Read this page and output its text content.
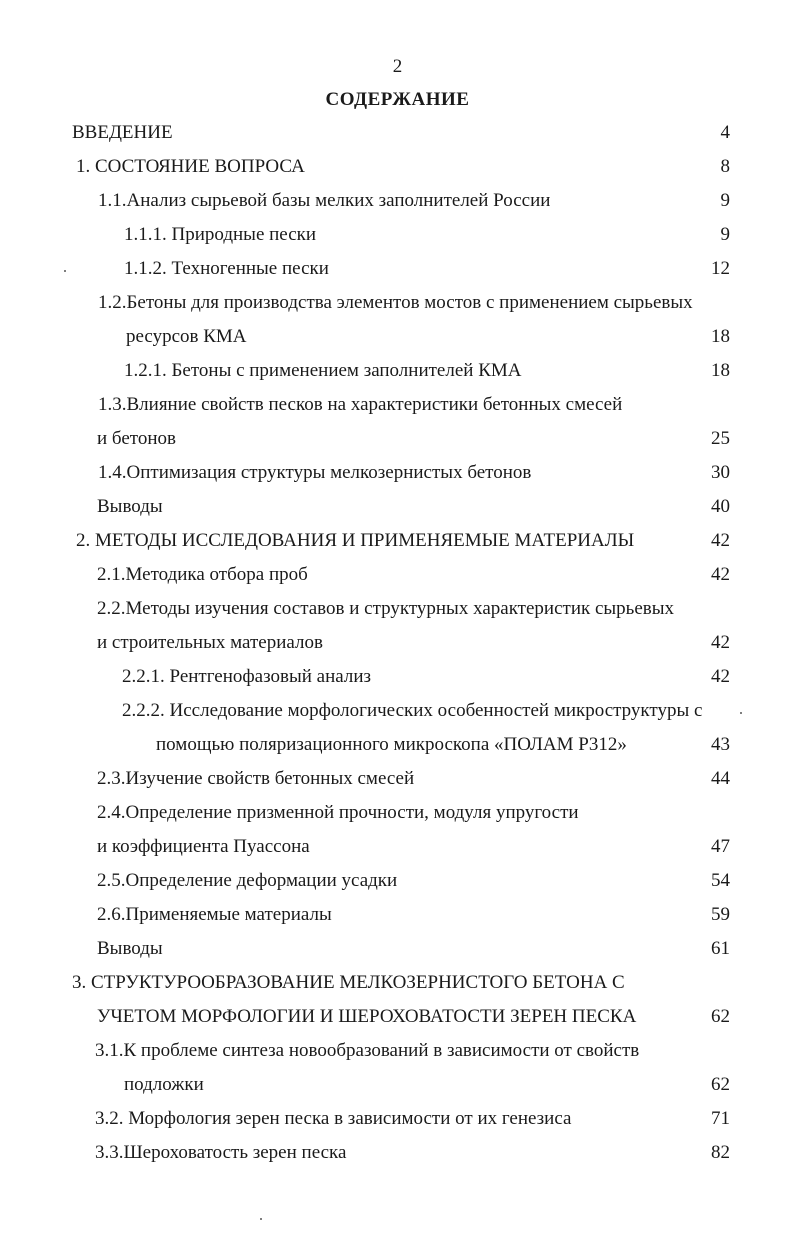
2
СОДЕРЖАНИЕ
ВВЕДЕНИЕ	4
1. СОСТОЯНИЕ ВОПРОСА	8
1.1.Анализ сырьевой базы мелких заполнителей России	9
1.1.1. Природные пески	9
1.1.2. Техногенные пески	12
1.2.Бетоны для производства элементов мостов с применением сырьевых
ресурсов КМА	18
1.2.1. Бетоны с применением заполнителей КМА	18
1.3.Влияние свойств песков на характеристики бетонных смесей
и бетонов	25
1.4.Оптимизация структуры мелкозернистых бетонов	30
Выводы	40
2. МЕТОДЫ ИССЛЕДОВАНИЯ И ПРИМЕНЯЕМЫЕ МАТЕРИАЛЫ	42
2.1.Методика отбора проб	42
2.2.Методы изучения составов и структурных характеристик сырьевых
и строительных материалов	42
2.2.1. Рентгенофазовый анализ	42
2.2.2. Исследование морфологических особенностей микроструктуры с
помощью поляризационного микроскопа «ПОЛАМ Р312»	43
2.3.Изучение свойств бетонных смесей	44
2.4.Определение призменной прочности, модуля упругости
и коэффициента Пуассона	47
2.5.Определение деформации усадки	54
2.6.Применяемые материалы	59
Выводы	61
3. СТРУКТУРООБРАЗОВАНИЕ МЕЛКОЗЕРНИСТОГО БЕТОНА С
УЧЕТОМ МОРФОЛОГИИ И ШЕРОХОВАТОСТИ ЗЕРЕН ПЕСКА	62
3.1.К проблеме синтеза новообразований в зависимости от свойств
подложки	62
3.2. Морфология зерен песка в зависимости от их генезиса	71
3.3.Шероховатость зерен песка	82
